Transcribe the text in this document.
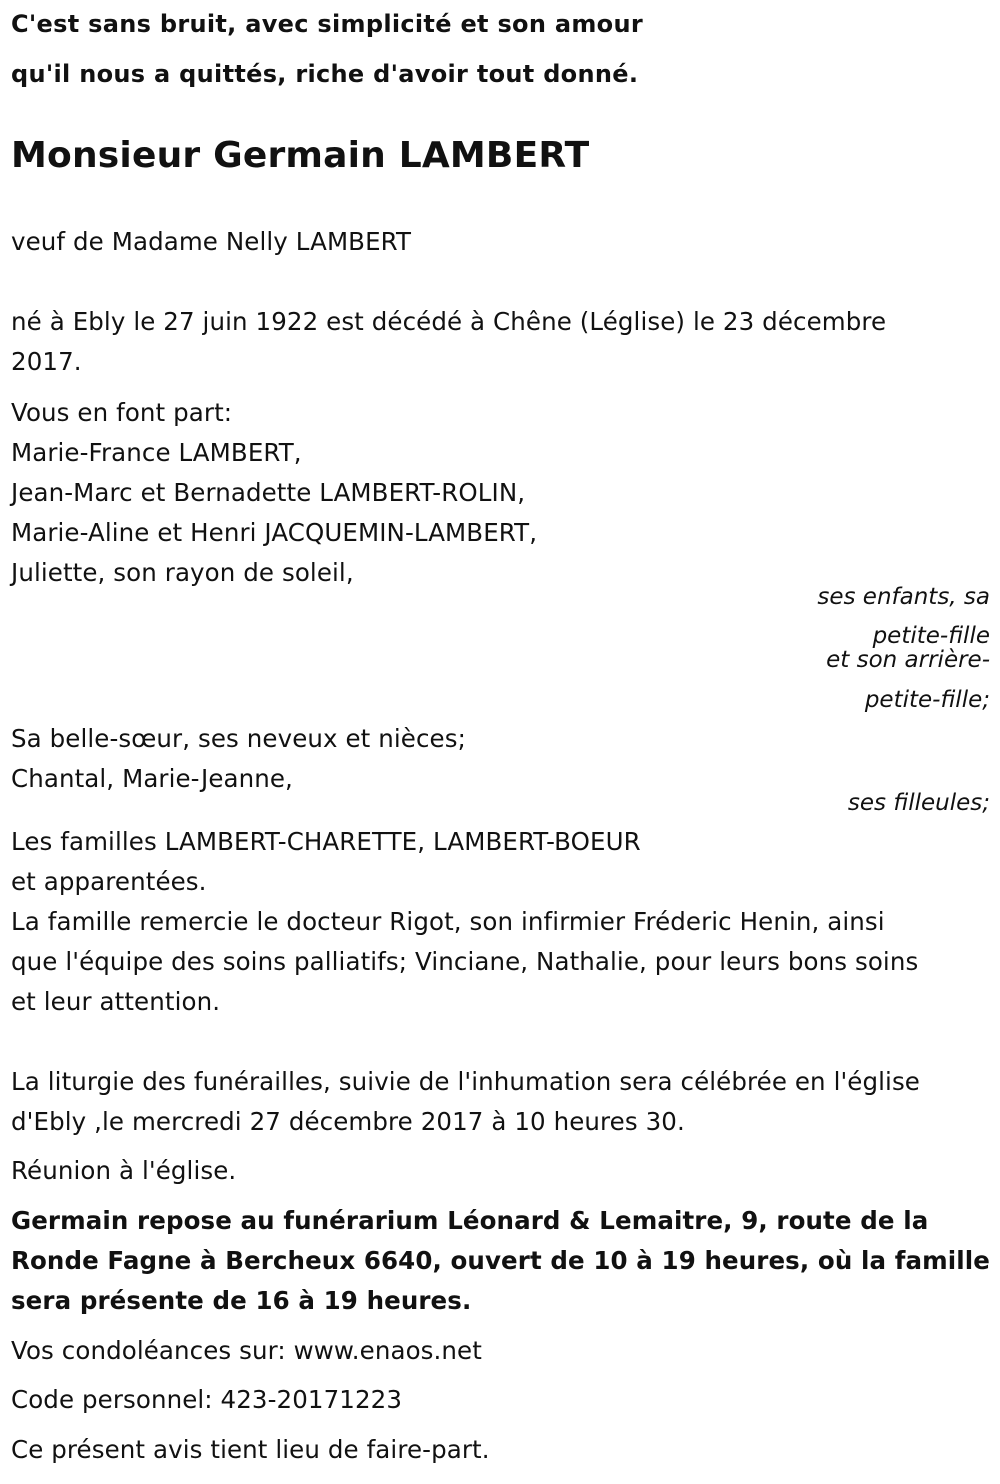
C'est sans bruit, avec simplicité et son amour
qu'il nous a quittés, riche d'avoir tout donné.
Monsieur Germain LAMBERT
veuf de Madame Nelly LAMBERT
né à Ebly le 27 juin 1922 est décédé à Chêne (Léglise) le 23 décembre
2017.
Vous en font part:
Marie-France LAMBERT,
Jean-Marc et Bernadette LAMBERT-ROLIN,
Marie-Aline et Henri JACQUEMIN-LAMBERT,
Juliette, son rayon de soleil,
ses enfants, sa
petite-fille
et son arrière-
petite-fille;
Sa belle-sœur, ses neveux et nièces;
Chantal, Marie-Jeanne,
ses filleules;
Les familles LAMBERT-CHARETTE, LAMBERT-BOEUR
et apparentées.
La famille remercie le docteur Rigot, son infirmier Fréderic Henin, ainsi
que l'équipe des soins palliatifs; Vinciane, Nathalie, pour leurs bons soins
et leur attention.
La liturgie des funérailles, suivie de l'inhumation sera célébrée en l'église
d'Ebly ,le mercredi 27 décembre 2017 à 10 heures 30.
Réunion à l'église.
Germain repose au funérarium Léonard & Lemaitre, 9, route de la
Ronde Fagne à Bercheux 6640, ouvert de 10 à 19 heures, où la famille
sera présente de 16 à 19 heures.
Vos condoléances sur: www.enaos.net
Code personnel: 423-20171223
Ce présent avis tient lieu de faire-part.
